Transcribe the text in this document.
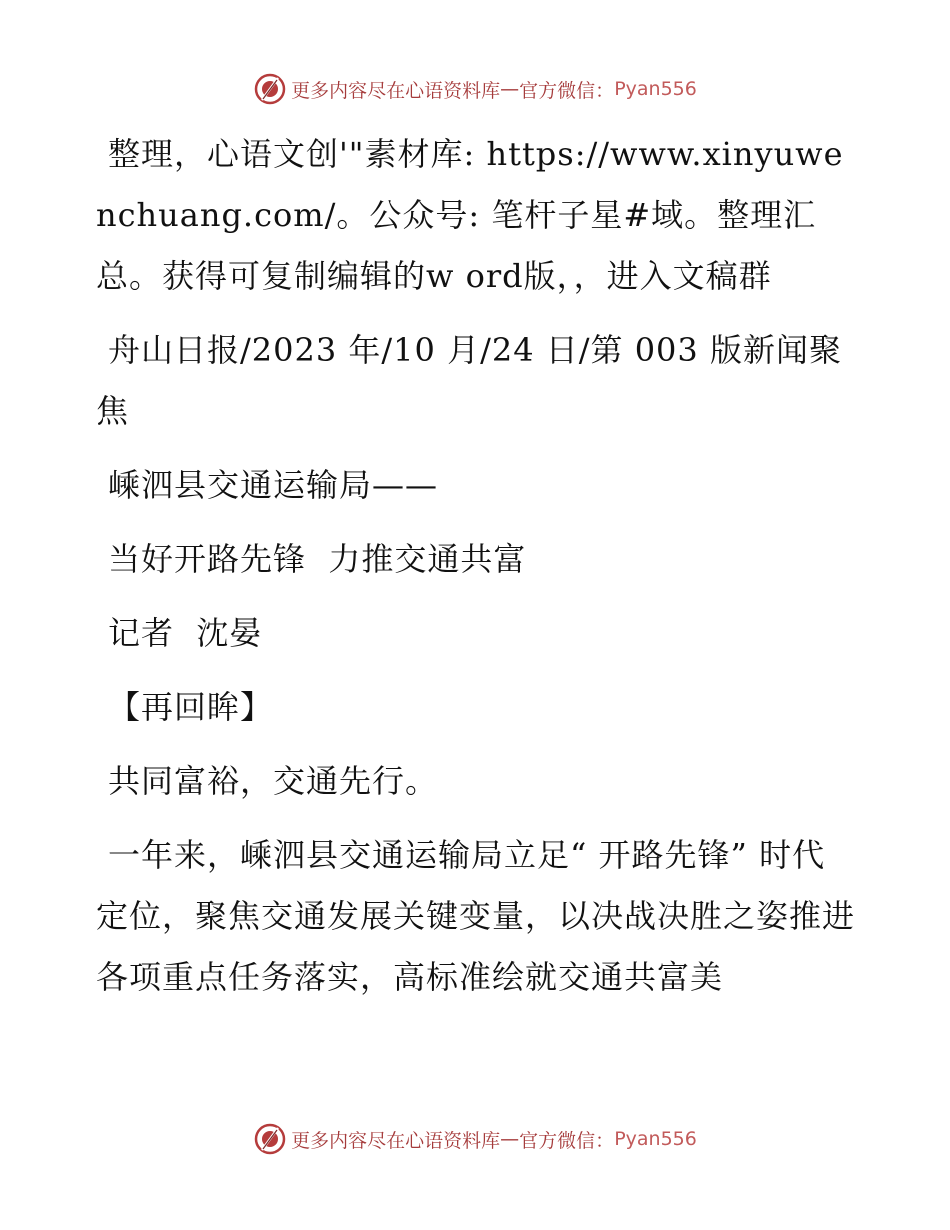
更多内容尽在心语资料库 — 官方微信： Pyan556

整理，心语文创'"素材库: https://www.xinyuwenchuang.com/。公众号: 笔杆子星#域。整理汇总。获得可复制编辑的w ord版，，进入文稿群

舟山日报/2023 年/10 月/24 日/第 003 版新闻聚焦

嵊泗县交通运输局——

当好开路先锋  力推交通共富

记者  沈晏

【再回眸】

共同富裕，交通先行。

一年来，嵊泗县交通运输局立足“ 开路先锋” 时代定位，聚焦交通发展关键变量，以决战决胜之姿推进各项重点任务落实，高标准绘就交通共富美

更多内容尽在心语资料库 — 官方微信： Pyan556
